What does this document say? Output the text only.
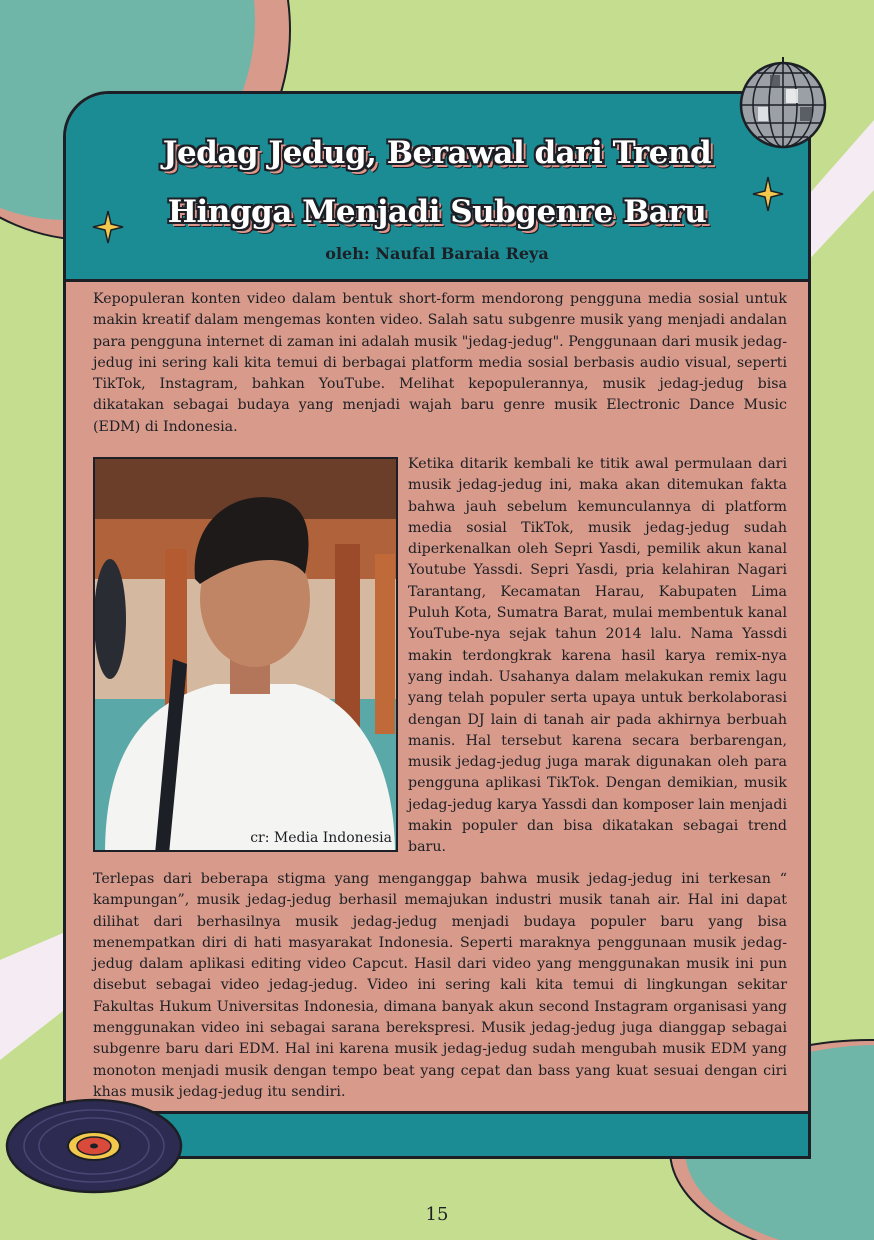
Jedag Jedug, Berawal dari Trend
Hingga Menjadi Subgenre Baru
oleh: Naufal Baraia Reya

Kepopuleran konten video dalam bentuk short-form mendorong pengguna media sosial untuk makin kreatif dalam mengemas konten video. Salah satu subgenre musik yang menjadi andalan para pengguna internet di zaman ini adalah musik "jedag-jedug". Penggunaan dari musik jedag-jedug ini sering kali kita temui di berbagai platform media sosial berbasis audio visual, seperti TikTok, Instagram, bahkan YouTube. Melihat kepopulerannya, musik jedag-jedug bisa dikatakan sebagai budaya yang menjadi wajah baru genre musik Electronic Dance Music (EDM) di Indonesia.

cr: Media Indonesia

Ketika ditarik kembali ke titik awal permulaan dari musik jedag-jedug ini, maka akan ditemukan fakta bahwa jauh sebelum kemunculannya di platform media sosial TikTok, musik jedag-jedug sudah diperkenalkan oleh Sepri Yasdi, pemilik akun kanal Youtube Yassdi. Sepri Yasdi, pria kelahiran Nagari Tarantang, Kecamatan Harau, Kabupaten Lima Puluh Kota, Sumatra Barat, mulai membentuk kanal YouTube-nya sejak tahun 2014 lalu. Nama Yassdi makin terdongkrak karena hasil karya remix-nya yang indah. Usahanya dalam melakukan remix lagu yang telah populer serta upaya untuk berkolaborasi dengan DJ lain di tanah air pada akhirnya berbuah manis. Hal tersebut karena secara berbarengan, musik jedag-jedug juga marak digunakan oleh para pengguna aplikasi TikTok. Dengan demikian, musik jedag-jedug karya Yassdi dan komposer lain menjadi makin populer dan bisa dikatakan sebagai trend baru.

Terlepas dari beberapa stigma yang menganggap bahwa musik jedag-jedug ini terkesan “ kampungan”, musik jedag-jedug berhasil memajukan industri musik tanah air. Hal ini dapat dilihat dari berhasilnya musik jedag-jedug menjadi budaya populer baru yang bisa menempatkan diri di hati masyarakat Indonesia. Seperti maraknya penggunaan musik jedag-jedug dalam aplikasi editing video Capcut. Hasil dari video yang menggunakan musik ini pun disebut sebagai video jedag-jedug. Video ini sering kali kita temui di lingkungan sekitar Fakultas Hukum Universitas Indonesia, dimana banyak akun second Instagram organisasi yang menggunakan video ini sebagai sarana berekspresi. Musik jedag-jedug juga dianggap sebagai subgenre baru dari EDM. Hal ini karena musik jedag-jedug sudah mengubah musik EDM yang monoton menjadi musik dengan tempo beat yang cepat dan bass yang kuat sesuai dengan ciri khas musik jedag-jedug itu sendiri.

15
